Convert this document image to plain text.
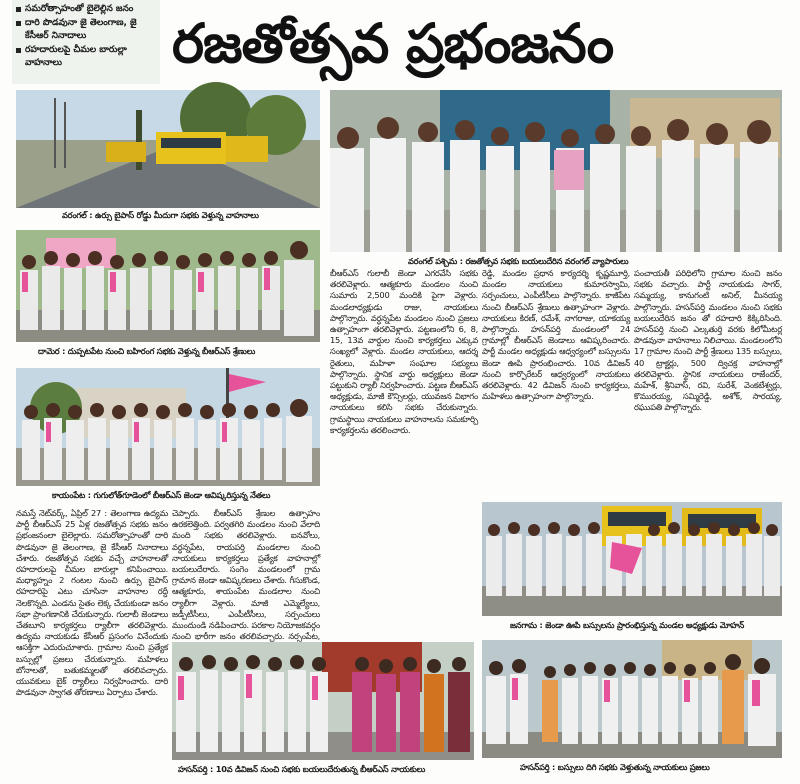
సమరోత్సాహంతో బైలెల్లిన జనం
దారి పొడవునా జై తెలంగాణ, జై కేసీఆర్ నినాదాలు
రహదారులపై చీమల బారుల్లా వాహనాలు	రజతోత్సవ ప్రభంజనం
వరంగల్ : ఉర్సు బైపాస్ రోడ్డు మీదుగా సభకు వెళ్తున్న వాహనాలు
వరంగల్ పశ్చిమ : రజతోత్సవ సభకు బయలుదేరిన వరంగల్ వ్యాపారులు
దామెర : దుప్పటపేట నుంచి బహిరంగ సభకు వెళ్తున్న బీఆర్ఎస్ శ్రేణులు
కాయంపేట : గుగులోత్‌గూడెంలో బీఆర్ఎస్ జెండా ఆవిష్కరిస్తున్న నేతలు
నమస్తే నెట్‌వర్క్, ఏప్రిల్ 27 : తెలంగాణ ఉద్యమ పార్టీ బీఆర్ఎస్ 25 ఏళ్ల రజతోత్సవ సభకు జనం ప్రభంజనంలా బైలెల్లారు. సమరోత్సాహంతో దారి పొడవునా జై తెలంగాణ, జై కేసీఆర్ నినాదాలు చేశారు. రజతోత్సవ సభకు వచ్చే వాహనాలతో రహదారులపై చీమల బారుల్లా కనిపించాయి. మధ్యాహ్నం 2 గంటల నుంచి ఉర్సు బైపాస్ రహదారిపై ఎటు చూసినా వాహనాల రద్దీ నెలకొన్నది. ఎండను సైతం లెక్క చేయకుండా జనం సభా ప్రాంగణానికి చేరుకున్నారు. గులాబీ జెండాలు చేతబూని కార్యకర్తలు ర్యాలీగా తరలివెళ్లారు. ఉద్యమ నాయకుడు కేసీఆర్ ప్రసంగం వినేందుకు ఆసక్తిగా ఎదురుచూశారు. గ్రామాల నుంచి ప్రత్యేక బస్సుల్లో ప్రజలు చేరుకున్నారు. మహిళలు బోనాలతో, బతుకమ్మలతో తరలివచ్చారు. యువకులు బైక్ ర్యాలీలు నిర్వహించారు. దారి పొడవునా స్వాగత తోరణాలు ఏర్పాటు చేశారు.
చెప్పారు. బీఆర్ఎస్ శ్రేణుల ఉత్సాహం ఉరకలెత్తింది. పర్వతగిరి మండలం నుంచి వేలాది మంది సభకు తరలివెళ్లారు. ఐనవోలు, వర్ధన్నపేట, రాయపర్తి మండలాల నుంచి నాయకులు కార్యకర్తలు ప్రత్యేక వాహనాల్లో బయలుదేరారు. సంగెం మండలంలో గ్రామ గ్రామాన జెండా ఆవిష్కరణలు చేశారు. గీసుకొండ, ఆత్మకూరు, శాయంపేట మండలాల నుంచి ర్యాలీగా వెళ్లారు. మాజీ ఎమ్మెల్యేలు, జడ్పీటీసీలు, ఎంపీటీసీలు, సర్పంచులు ముందుండి నడిపించారు. పరకాల నియోజకవర్గం నుంచి భారీగా జనం తరలివచ్చారు. నర్సంపేట,
బీఆర్ఎస్ గులాబీ జెండా ఎగరవేసి సభకు తరలివెళ్లారు. ఆత్మకూరు మండలం నుంచి సుమారు 2,500 మందికి పైగా వెళ్లారు. మండలాధ్యక్షుడు రాజు, నాయకులు పాల్గొన్నారు. వర్ధన్నపేట మండలం నుంచి ప్రజలు ఉత్సాహంగా తరలివెళ్లారు. పట్టణంలోని 6, 8, 15, 13వ వార్డుల నుంచి కార్యకర్తలు ఎక్కువ సంఖ్యలో వెళ్లారు. మండల నాయకులు, ఆదర్శ రైతులు, మహిళా సంఘాల సభ్యులు పాల్గొన్నారు. స్థానిక వార్డు అధ్యక్షులు జెండా పట్టుకుని ర్యాలీ నిర్వహించారు. పట్టణ బీఆర్ఎస్ అధ్యక్షుడు, మాజీ కౌన్సిలర్లు, యువజన విభాగం నాయకులు కలిసి సభకు చేరుకున్నారు. గ్రామస్థాయి నాయకులు వాహనాలను సమకూర్చి కార్యకర్తలను తరలించారు.
రెడ్డి, మండల ప్రధాన కార్యదర్శి కృష్ణమూర్తి, మండల నాయకులు కుమారస్వామి, సర్పంచులు, ఎంపీటీసీలు పాల్గొన్నారు. కాజీపేట నుంచి బీఆర్ఎస్ శ్రేణులు ఉత్సాహంగా వెళ్లారు. నాయకులు కిరణ్, రమేశ్, నాగరాజు, యాకయ్య పాల్గొన్నారు. హసన్‌పర్తి మండలంలో 24 గ్రామాల్లో బీఆర్ఎస్ జెండాలు ఆవిష్కరించారు. పార్టీ మండల అధ్యక్షుడు ఆధ్వర్యంలో బస్సులను జెండా ఊపి ప్రారంభించారు. 10వ డివిజన్ నుంచి కార్పొరేటర్ ఆధ్వర్యంలో నాయకులు తరలివెళ్లారు. 42 డివిజన్ నుంచి కార్యకర్తలు, మహిళలు ఉత్సాహంగా పాల్గొన్నారు.
పంచాయతీ పరిధిలోని గ్రామాల నుంచి జనం సభకు వచ్చారు. పార్టీ నాయకుడు సాగర్, సమ్మయ్య, కానుగంటి అనిల్, మీనయ్య పాల్గొన్నారు. హసన్‌పర్తి మండలం నుంచి సభకు బయలుదేరిన జనం తో రహదారి కిక్కిరిసింది. హసన్‌పర్తి నుంచి ఎల్కతుర్తి వరకు కిలోమీటర్ల పొడవునా వాహనాలు నిలిచాయి. మండలంలోని 17 గ్రామాల నుంచి పార్టీ శ్రేణులు 135 బస్సులు, 40 ట్రాక్టర్లు, 500 ద్విచక్ర వాహనాల్లో తరలివెళ్లారు. స్థానిక నాయకులు రాజేందర్, మహేశ్, శ్రీనివాస్, రవి, సురేశ్, వెంకటేశ్వర్లు, కొమురయ్య, సమ్మిరెడ్డి, అశోక్, సారయ్య, రఘుపతి పాల్గొన్నారు.
జనగామ : జెండా ఊపి బస్సులను ప్రారంభిస్తున్న మండల అధ్యక్షుడు మోహన్
హసన్‌పర్తి : 10వ డివిజన్ నుంచి సభకు బయలుదేరుతున్న బీఆర్ఎస్ నాయకులు	హసన్‌పర్తి : బస్సులు దిగి సభకు వెళ్తుతున్న నాయకులు ప్రజలు
